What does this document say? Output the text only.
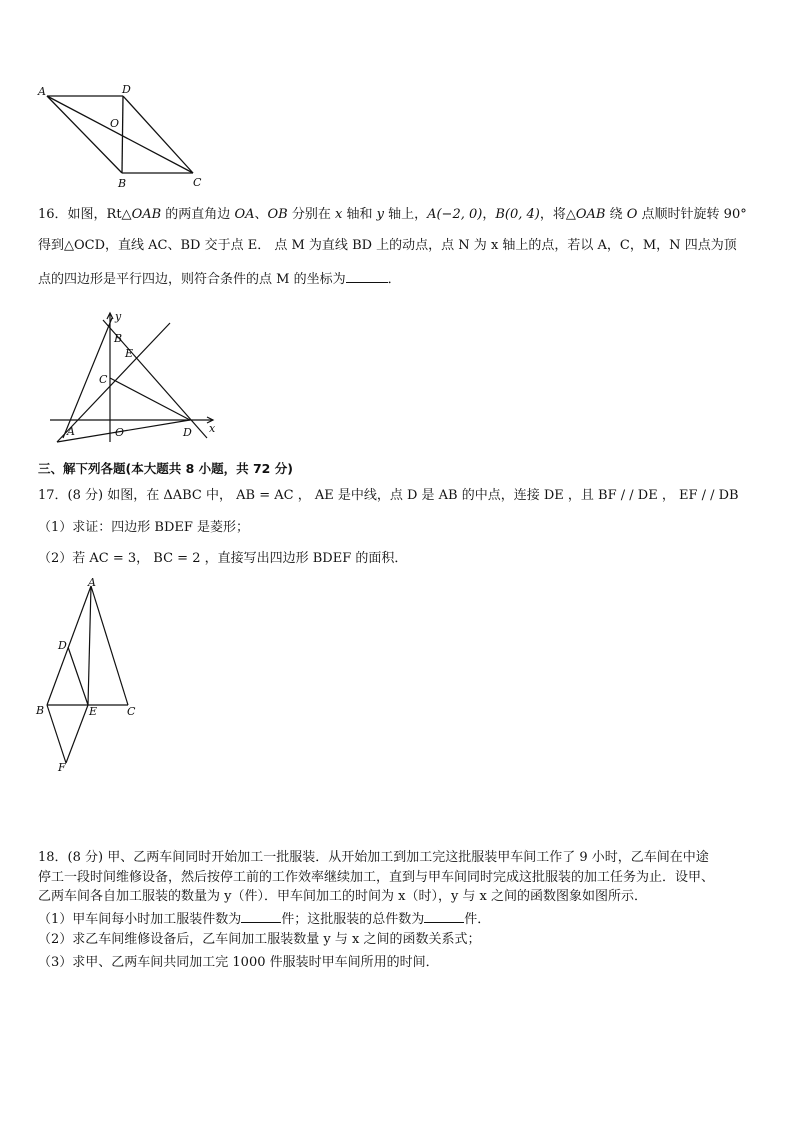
A	D
O
B	C
16．如图，Rt△OAB 的两直角边 OA、OB 分别在 x 轴和 y 轴上，A(−2, 0)，B(0, 4)，将△OAB 绕 O 点顺时针旋转 90°
得到△OCD，直线 AC、BD 交于点 E． 点 M 为直线 BD 上的动点，点 N 为 x 轴上的点，若以 A，C，M，N 四点为顶
点的四边形是平行四边，则符合条件的点 M 的坐标为	．
y
B
E
C
A	O	D x
三、解下列各题(本大题共 8 小题，共 72 分)
17．(8 分) 如图，在 ΔABC 中， AB = AC ， AE 是中线，点 D 是 AB 的中点，连接 DE ，且 BF / / DE ， EF / / DB
（1）求证：四边形 BDEF 是菱形；
（2）若 AC = 3， BC = 2 ，直接写出四边形 BDEF 的面积．
A
D
B	E	C
F
18．(8 分) 甲、乙两车间同时开始加工一批服装．从开始加工到加工完这批服装甲车间工作了 9 小时，乙车间在中途
停工一段时间维修设备，然后按停工前的工作效率继续加工，直到与甲车间同时完成这批服装的加工任务为止．设甲、
乙两车间各自加工服装的数量为 y（件）．甲车间加工的时间为 x（时），y 与 x 之间的函数图象如图所示．
（1）甲车间每小时加工服装件数为	件；这批服装的总件数为	件．
（2）求乙车间维修设备后，乙车间加工服装数量 y 与 x 之间的函数关系式；
（3）求甲、乙两车间共同加工完 1000 件服装时甲车间所用的时间．
